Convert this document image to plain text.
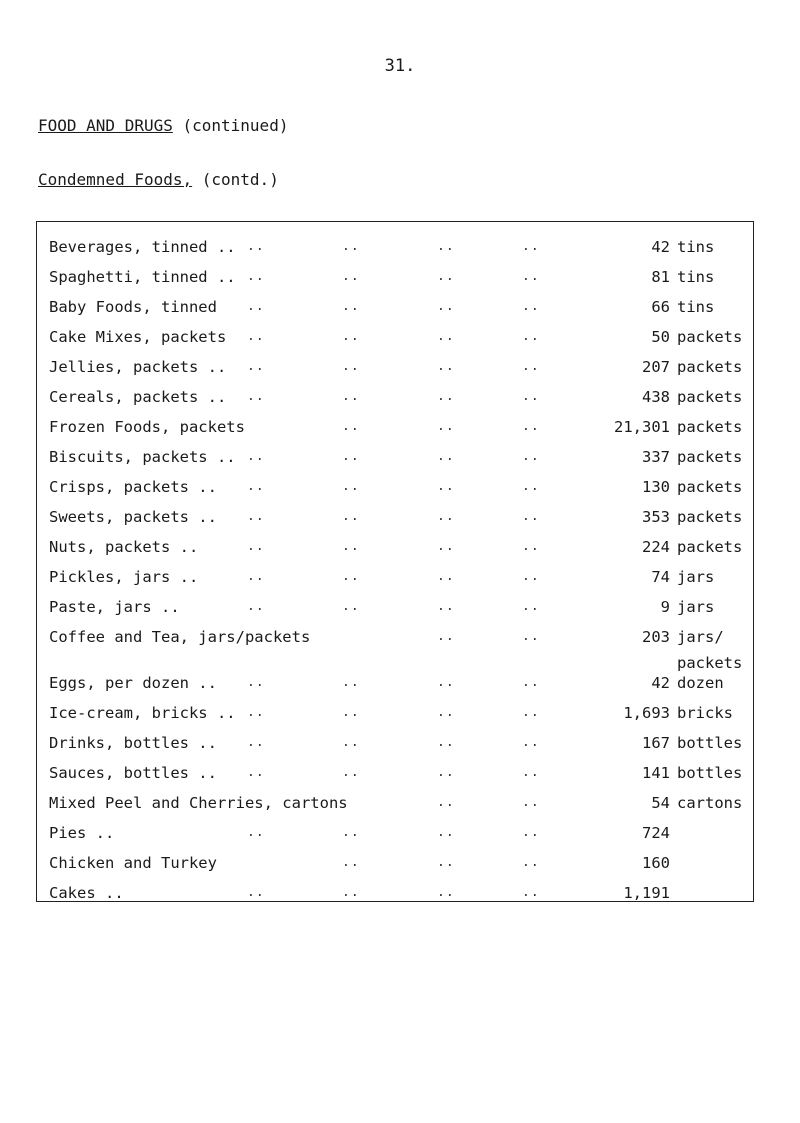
31.
FOOD AND DRUGS (continued)
Condemned Foods, (contd.)
Beverages, tinned .. ..	..	..	..	42 tins
Spaghetti, tinned .. ..	..	..	..	81 tins
Baby Foods, tinned ..	..	..	..	66 tins
Cake Mixes, packets ..	..	..	..	50 packets
Jellies, packets .. ..	..	..	..	207 packets
Cereals, packets .. ..	..	..	..	438 packets
Frozen Foods, packets	..	..	..	21,301 packets
Biscuits, packets .. ..	..	..	..	337 packets
Crisps, packets .. ..	..	..	..	130 packets
Sweets, packets .. ..	..	..	..	353 packets
Nuts, packets ..	..	..	..	..	224 packets
Pickles, jars ..	..	..	..	..	74 jars
Paste, jars ..	..	..	..	..	9 jars
Coffee and Tea, jars/packets	..	..	203 jars/
packets
Eggs, per dozen .. ..	..	..	..	42 dozen
Ice-cream, bricks .. ..	..	..	..	1,693 bricks
Drinks, bottles .. ..	..	..	..	167 bottles
Sauces, bottles .. ..	..	..	..	141 bottles
Mixed Peel and Cherries, cartons	..	..	54 cartons
Pies ..	..	..	..	..	724
Chicken and Turkey	..	..	..	160
Cakes ..	..	..	..	..	1,191
